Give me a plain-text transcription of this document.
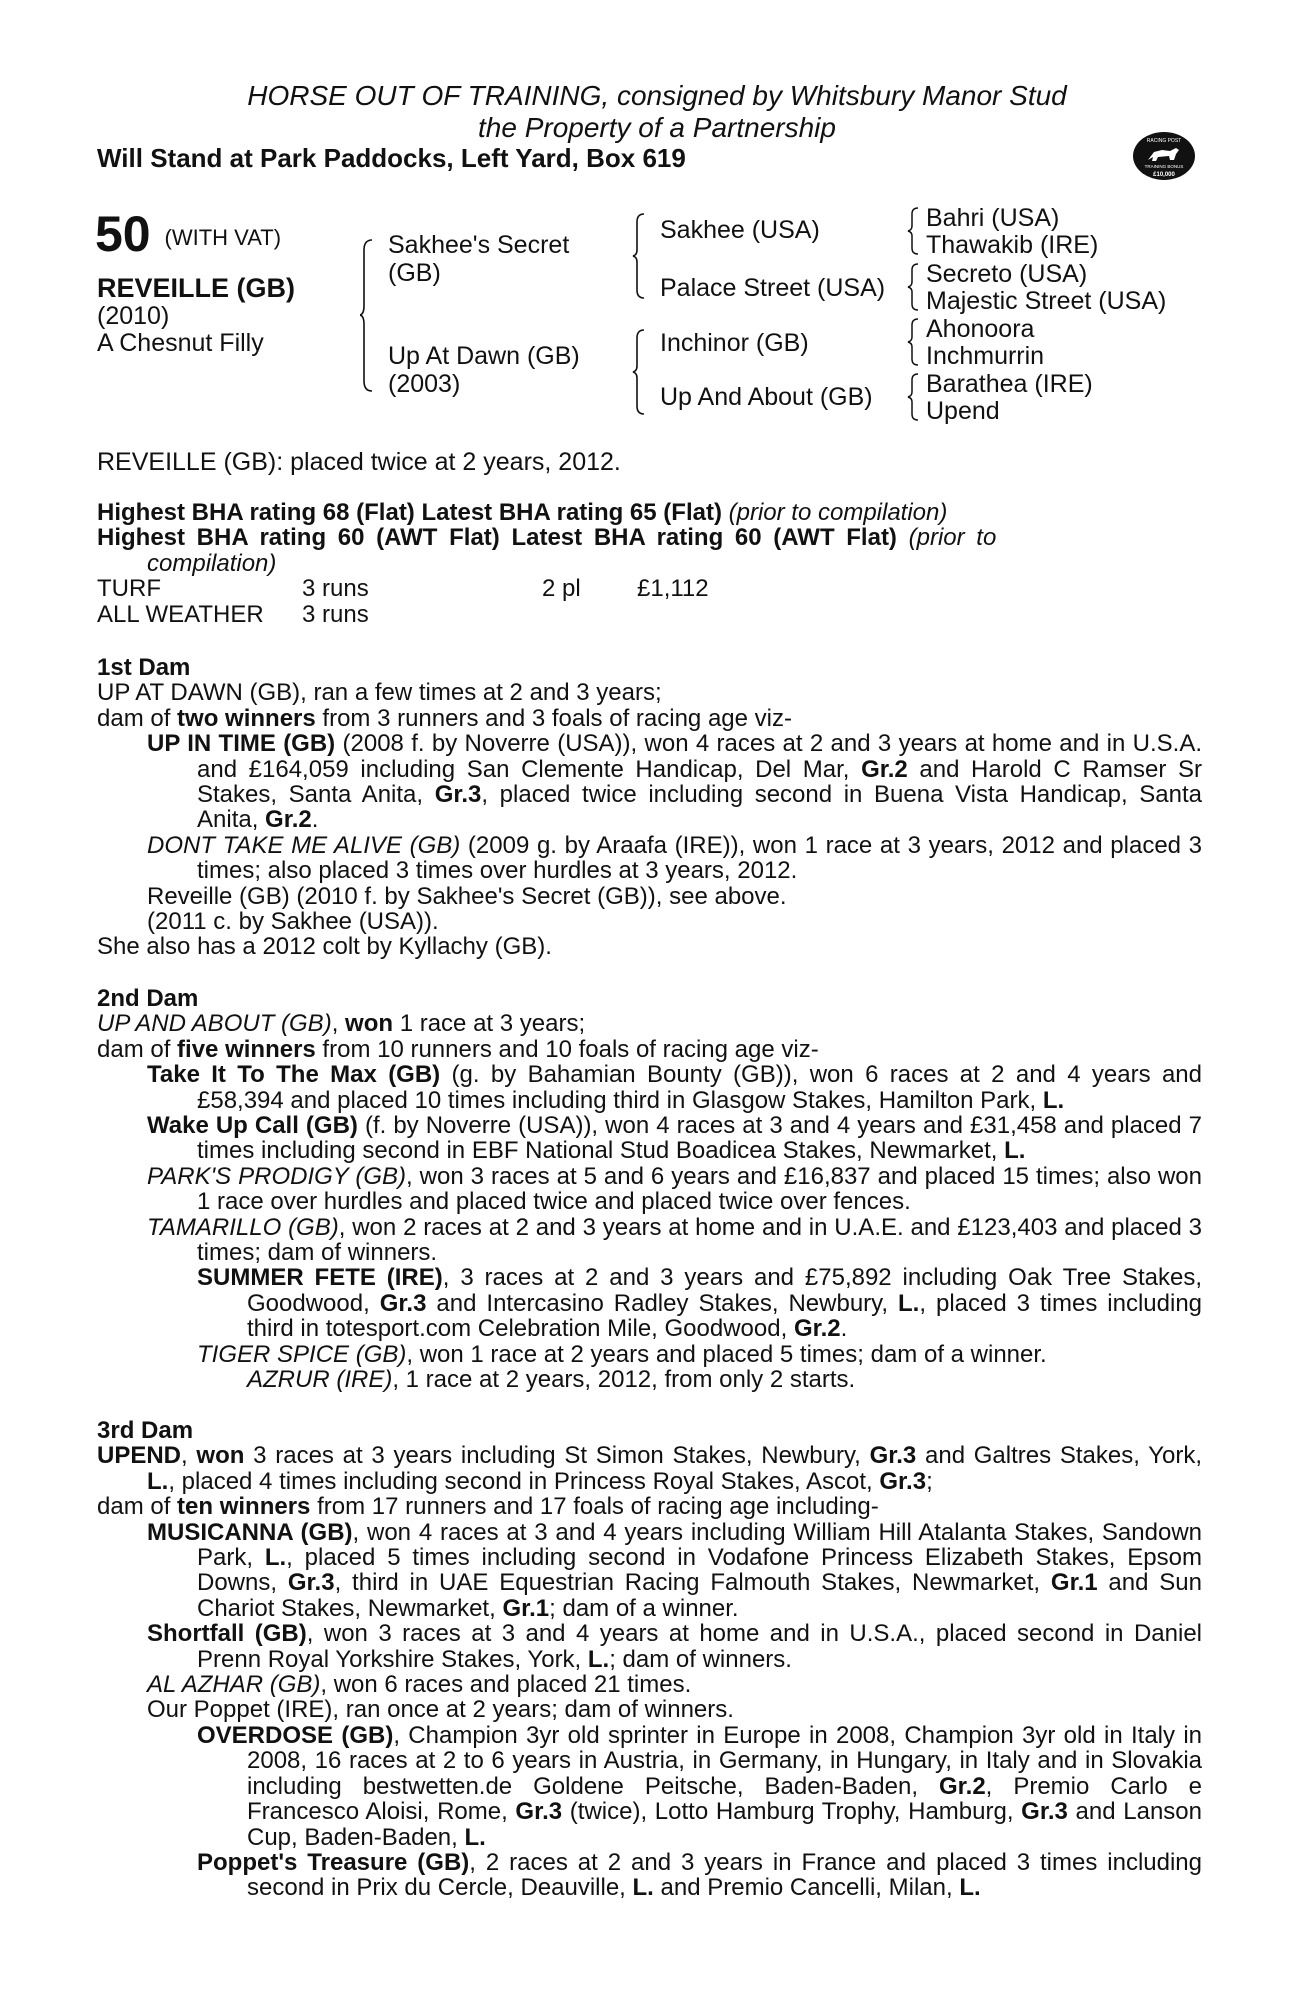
HORSE OUT OF TRAINING, consigned by Whitsbury Manor Stud
the Property of a Partnership
Will Stand at Park Paddocks, Left Yard, Box 619
RACING POST
TRAINING BONUS
£10,000
50 (WITH VAT)
REVEILLE (GB)
(2010)
A Chesnut Filly
Sakhee's Secret
(GB)
Up At Dawn (GB)
(2003)
Sakhee (USA)
Palace Street (USA)
Inchinor (GB)
Up And About (GB)
Bahri (USA)
Thawakib (IRE)
Secreto (USA)
Majestic Street (USA)
Ahonoora
Inchmurrin
Barathea (IRE)
Upend
REVEILLE (GB): placed twice at 2 years, 2012.

Highest BHA rating 68 (Flat) Latest BHA rating 65 (Flat) (prior to compilation)

Highest BHA rating 60 (AWT Flat) Latest BHA rating 60 (AWT Flat) (prior to

compilation)

TURF	3 runs	2 pl	£1,112
ALL WEATHER	3 runs		

1st Dam

UP AT DAWN (GB), ran a few times at 2 and 3 years;

dam of two winners from 3 runners and 3 foals of racing age viz-

UP IN TIME (GB) (2008 f. by Noverre (USA)), won 4 races at 2 and 3 years at home and in U.S.A. and £164,059 including San Clemente Handicap, Del Mar, Gr.2 and Harold C Ramser Sr Stakes, Santa Anita, Gr.3, placed twice including second in Buena Vista Handicap, Santa Anita, Gr.2.

DONT TAKE ME ALIVE (GB) (2009 g. by Araafa (IRE)), won 1 race at 3 years, 2012 and placed 3 times; also placed 3 times over hurdles at 3 years, 2012.

Reveille (GB) (2010 f. by Sakhee's Secret (GB)), see above.

(2011 c. by Sakhee (USA)).

She also has a 2012 colt by Kyllachy (GB).

2nd Dam

UP AND ABOUT (GB), won 1 race at 3 years;

dam of five winners from 10 runners and 10 foals of racing age viz-

Take It To The Max (GB) (g. by Bahamian Bounty (GB)), won 6 races at 2 and 4 years and £58,394 and placed 10 times including third in Glasgow Stakes, Hamilton Park, L.

Wake Up Call (GB) (f. by Noverre (USA)), won 4 races at 3 and 4 years and £31,458 and placed 7 times including second in EBF National Stud Boadicea Stakes, Newmarket, L.

PARK'S PRODIGY (GB), won 3 races at 5 and 6 years and £16,837 and placed 15 times; also won 1 race over hurdles and placed twice and placed twice over fences.

TAMARILLO (GB), won 2 races at 2 and 3 years at home and in U.A.E. and £123,403 and placed 3 times; dam of winners.

SUMMER FETE (IRE), 3 races at 2 and 3 years and £75,892 including Oak Tree Stakes, Goodwood, Gr.3 and Intercasino Radley Stakes, Newbury, L., placed 3 times including third in totesport.com Celebration Mile, Goodwood, Gr.2.

TIGER SPICE (GB), won 1 race at 2 years and placed 5 times; dam of a winner.

AZRUR (IRE), 1 race at 2 years, 2012, from only 2 starts.

3rd Dam

UPEND, won 3 races at 3 years including St Simon Stakes, Newbury, Gr.3 and Galtres Stakes, York, L., placed 4 times including second in Princess Royal Stakes, Ascot, Gr.3;

dam of ten winners from 17 runners and 17 foals of racing age including-

MUSICANNA (GB), won 4 races at 3 and 4 years including William Hill Atalanta Stakes, Sandown Park, L., placed 5 times including second in Vodafone Princess Elizabeth Stakes, Epsom Downs, Gr.3, third in UAE Equestrian Racing Falmouth Stakes, Newmarket, Gr.1 and Sun Chariot Stakes, Newmarket, Gr.1; dam of a winner.

Shortfall (GB), won 3 races at 3 and 4 years at home and in U.S.A., placed second in Daniel Prenn Royal Yorkshire Stakes, York, L.; dam of winners.

AL AZHAR (GB), won 6 races and placed 21 times.

Our Poppet (IRE), ran once at 2 years; dam of winners.

OVERDOSE (GB), Champion 3yr old sprinter in Europe in 2008, Champion 3yr old in Italy in 2008, 16 races at 2 to 6 years in Austria, in Germany, in Hungary, in Italy and in Slovakia including bestwetten.de Goldene Peitsche, Baden-Baden, Gr.2, Premio Carlo e Francesco Aloisi, Rome, Gr.3 (twice), Lotto Hamburg Trophy, Hamburg, Gr.3 and Lanson Cup, Baden-Baden, L.

Poppet's Treasure (GB), 2 races at 2 and 3 years in France and placed 3 times including second in Prix du Cercle, Deauville, L. and Premio Cancelli, Milan, L.
